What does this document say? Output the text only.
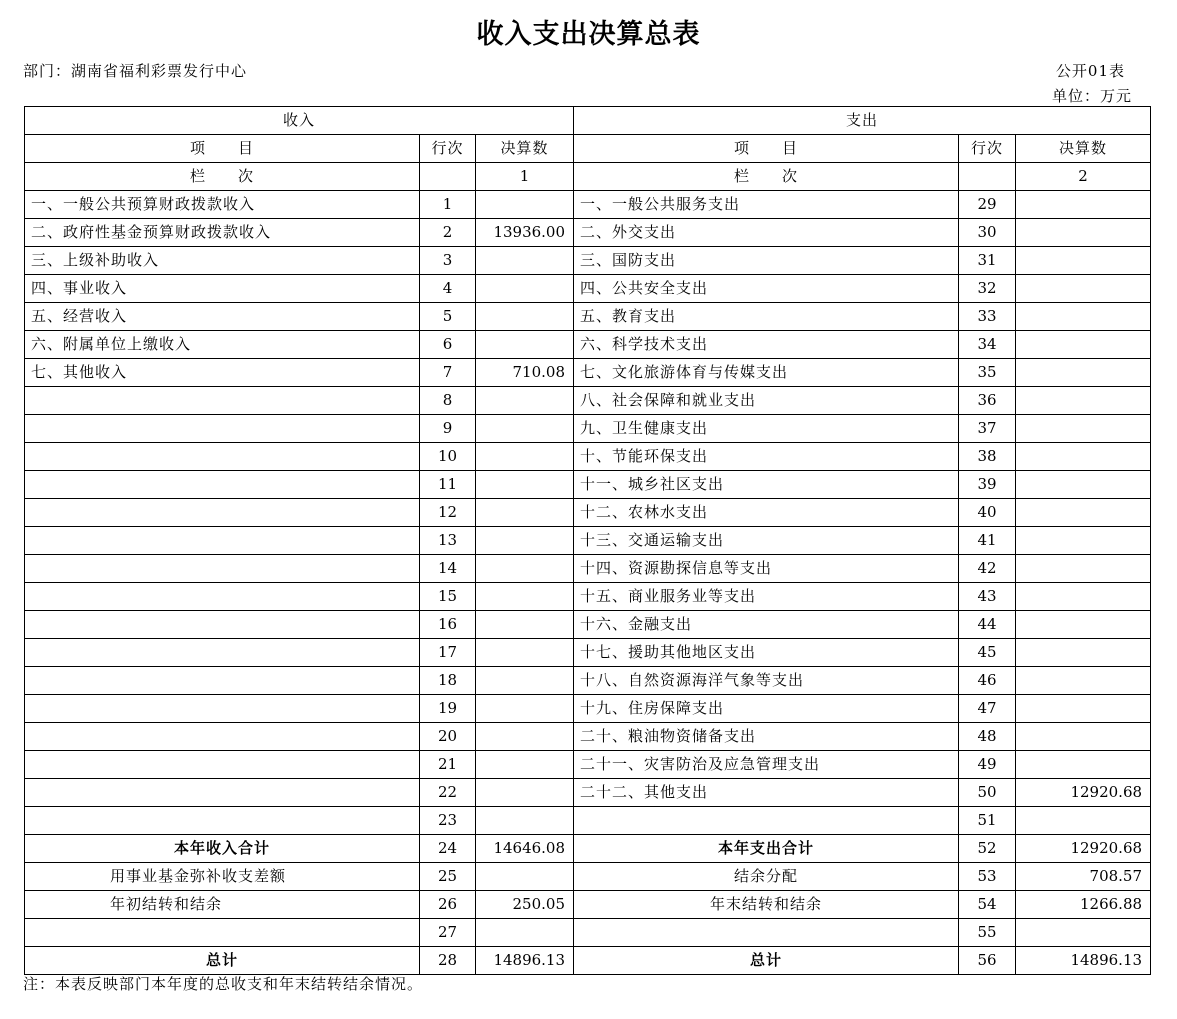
收入支出决算总表
部门：湖南省福利彩票发行中心	公开01表
单位：万元
收入			支出		
项　　目	行次	决算数	项　　目	行次	决算数
栏　　次		1	栏　　次		2
一、一般公共预算财政拨款收入	1		一、一般公共服务支出	29	
二、政府性基金预算财政拨款收入	2	13936.00	二、外交支出	30	
三、上级补助收入	3		三、国防支出	31	
四、事业收入	4		四、公共安全支出	32	
五、经营收入	5		五、教育支出	33	
六、附属单位上缴收入	6		六、科学技术支出	34	
七、其他收入	7	710.08	七、文化旅游体育与传媒支出	35	
	8		八、社会保障和就业支出	36	
	9		九、卫生健康支出	37	
	10		十、节能环保支出	38	
	11		十一、城乡社区支出	39	
	12		十二、农林水支出	40	
	13		十三、交通运输支出	41	
	14		十四、资源勘探信息等支出	42	
	15		十五、商业服务业等支出	43	
	16		十六、金融支出	44	
	17		十七、援助其他地区支出	45	
	18		十八、自然资源海洋气象等支出	46	
	19		十九、住房保障支出	47	
	20		二十、粮油物资储备支出	48	
	21		二十一、灾害防治及应急管理支出	49	
	22		二十二、其他支出	50	12920.68
	23			51	
本年收入合计	24	14646.08	本年支出合计	52	12920.68
用事业基金弥补收支差额	25		结余分配	53	708.57
年初结转和结余	26	250.05	年末结转和结余	54	1266.88
	27			55	
总计	28	14896.13	总计	56	14896.13
注：本表反映部门本年度的总收支和年末结转结余情况。
